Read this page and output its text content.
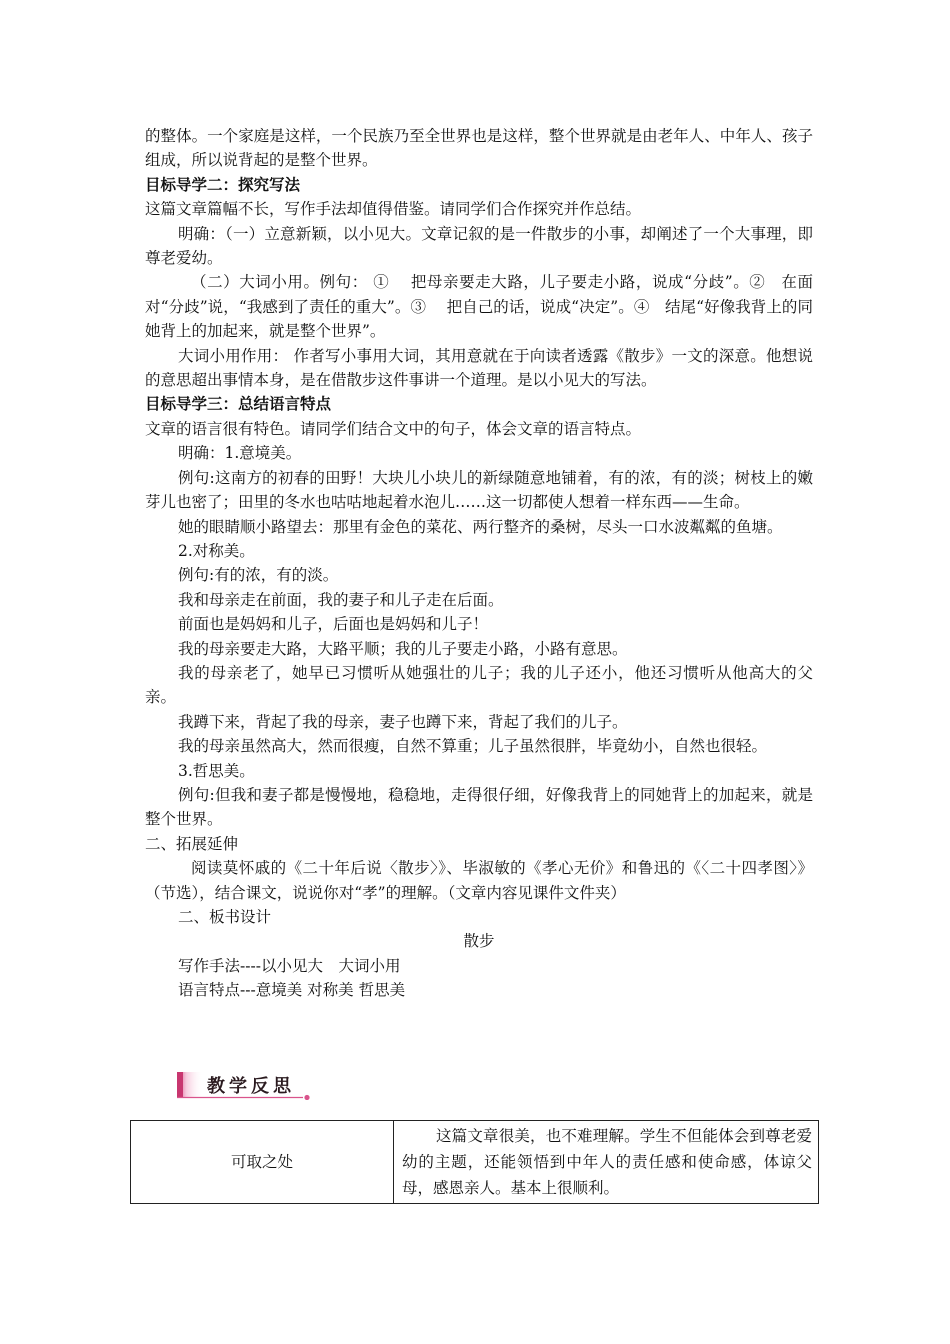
的整体。一个家庭是这样，一个民族乃至全世界也是这样，整个世界就是由老年人、中年人、孩子组成，所以说背起的是整个世界。

目标导学二：探究写法

这篇文章篇幅不长，写作手法却值得借鉴。请同学们合作探究并作总结。

明确：（一）立意新颖，以小见大。文章记叙的是一件散步的小事，却阐述了一个大事理，即尊老爱幼。

（二）大词小用。例句： ①　 把母亲要走大路，儿子要走小路，说成“分歧”。②　在面对“分歧”说，“我感到了责任的重大”。③　 把自己的话，说成“决定”。④　结尾“好像我背上的同她背上的加起来，就是整个世界”。

大词小用作用： 作者写小事用大词，其用意就在于向读者透露《散步》一文的深意。他想说的意思超出事情本身，是在借散步这件事讲一个道理。是以小见大的写法。

目标导学三：总结语言特点

文章的语言很有特色。请同学们结合文中的句子，体会文章的语言特点。

明确：1.意境美。

例句:这南方的初春的田野！大块儿小块儿的新绿随意地铺着，有的浓，有的淡；树枝上的嫩芽儿也密了；田里的冬水也咕咕地起着水泡儿……这一切都使人想着一样东西——生命。

她的眼睛顺小路望去：那里有金色的菜花、两行整齐的桑树，尽头一口水波粼粼的鱼塘。

2.对称美。

例句:有的浓，有的淡。

我和母亲走在前面，我的妻子和儿子走在后面。

前面也是妈妈和儿子，后面也是妈妈和儿子！

我的母亲要走大路，大路平顺；我的儿子要走小路，小路有意思。

我的母亲老了，她早已习惯听从她强壮的儿子；我的儿子还小，他还习惯听从他高大的父亲。

我蹲下来，背起了我的母亲，妻子也蹲下来，背起了我们的儿子。

我的母亲虽然高大，然而很瘦，自然不算重；儿子虽然很胖，毕竟幼小，自然也很轻。

3.哲思美。

例句:但我和妻子都是慢慢地，稳稳地，走得很仔细，好像我背上的同她背上的加起来，就是整个世界。

二、拓展延伸

阅读莫怀戚的《二十年后说〈散步〉》、毕淑敏的《孝心无价》和鲁迅的《〈二十四孝图〉》（节选），结合课文，说说你对“孝”的理解。（文章内容见课件文件夹）

二、板书设计

散步

写作手法----以小见大　大词小用

语言特点---意境美 对称美 哲思美

教学反思
可取之处	这篇文章很美，也不难理解。学生不但能体会到尊老爱幼的主题，还能领悟到中年人的责任感和使命感，体谅父母，感恩亲人。基本上很顺利。
